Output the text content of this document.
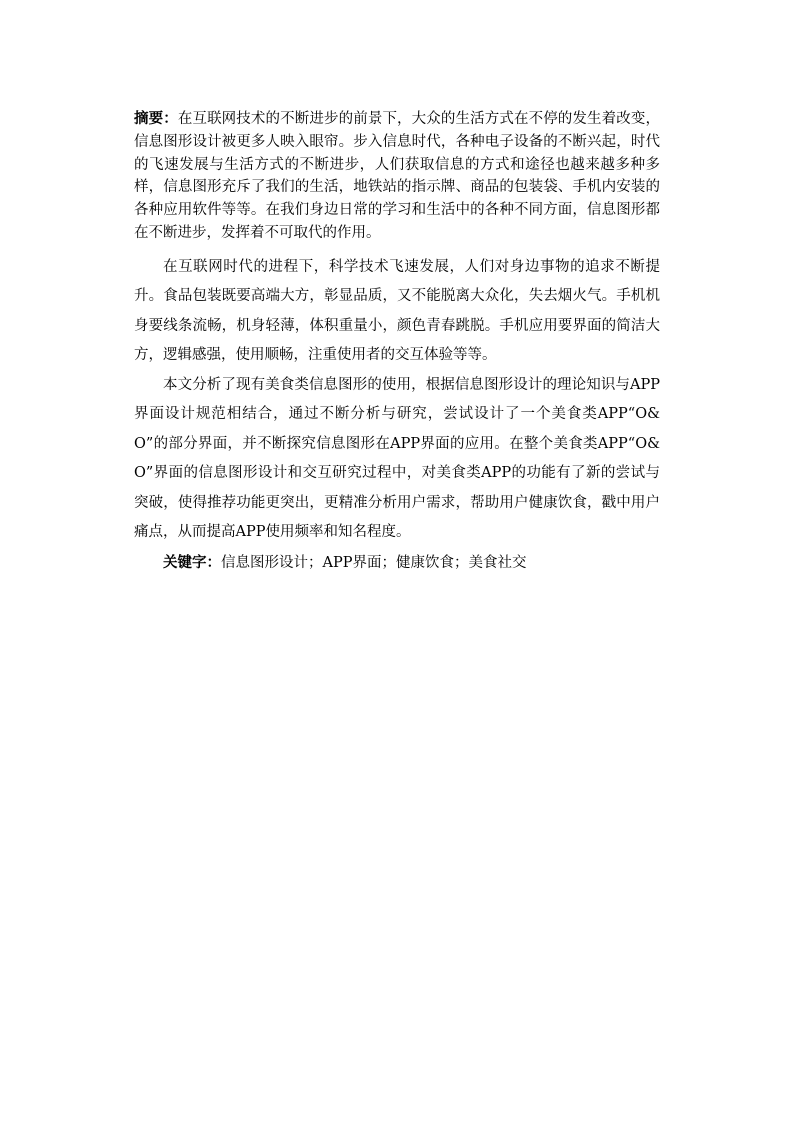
摘要：在互联网技术的不断进步的前景下，大众的生活方式在不停的发生着改变，信息图形设计被更多人映入眼帘。步入信息时代，各种电子设备的不断兴起，时代的飞速发展与生活方式的不断进步，人们获取信息的方式和途径也越来越多种多样，信息图形充斥了我们的生活，地铁站的指示牌、商品的包装袋、手机内安装的各种应用软件等等。在我们身边日常的学习和生活中的各种不同方面，信息图形都在不断进步，发挥着不可取代的作用。

在互联网时代的进程下，科学技术飞速发展，人们对身边事物的追求不断提升。食品包装既要高端大方，彰显品质，又不能脱离大众化，失去烟火气。手机机身要线条流畅，机身轻薄，体积重量小，颜色青春跳脱。手机应用要界面的简洁大方，逻辑感强，使用顺畅，注重使用者的交互体验等等。

本文分析了现有美食类信息图形的使用，根据信息图形设计的理论知识与APP界面设计规范相结合，通过不断分析与研究，尝试设计了一个美食类APP“O&O”的部分界面，并不断探究信息图形在APP界面的应用。在整个美食类APP“O&O”界面的信息图形设计和交互研究过程中，对美食类APP的功能有了新的尝试与突破，使得推荐功能更突出，更精准分析用户需求，帮助用户健康饮食，戳中用户痛点，从而提高APP使用频率和知名程度。

关键字：信息图形设计；APP界面；健康饮食；美食社交
